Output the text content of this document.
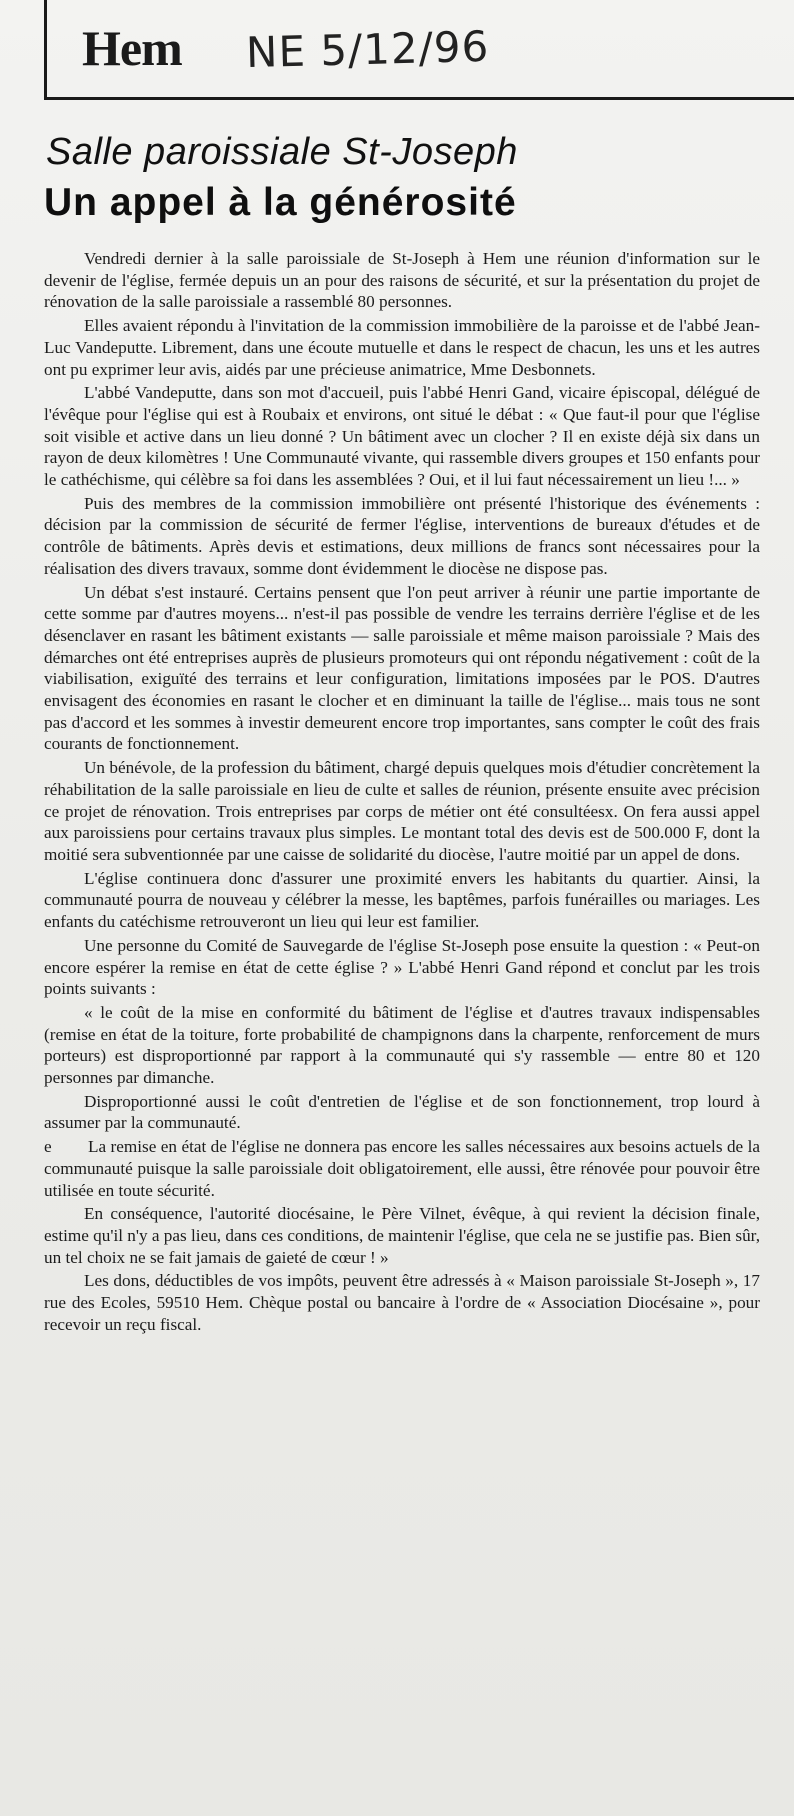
Hem NE 5/12/96
Salle paroissiale St-Joseph
Un appel à la générosité

Vendredi dernier à la salle paroissiale de St-Joseph à Hem une réunion d'information sur le devenir de l'église, fermée depuis un an pour des raisons de sécurité, et sur la présentation du projet de rénovation de la salle paroissiale a rassemblé 80 personnes.

Elles avaient répondu à l'invitation de la commission immobilière de la paroisse et de l'abbé Jean-Luc Vandeputte. Librement, dans une écoute mutuelle et dans le respect de chacun, les uns et les autres ont pu exprimer leur avis, aidés par une précieuse animatrice, Mme Desbonnets.

L'abbé Vandeputte, dans son mot d'accueil, puis l'abbé Henri Gand, vicaire épiscopal, délégué de l'évêque pour l'église qui est à Roubaix et environs, ont situé le débat : « Que faut-il pour que l'église soit visible et active dans un lieu donné ? Un bâtiment avec un clocher ? Il en existe déjà six dans un rayon de deux kilomètres ! Une Communauté vivante, qui rassemble divers groupes et 150 enfants pour le cathéchisme, qui célèbre sa foi dans les assemblées ? Oui, et il lui faut nécessairement un lieu !... »

Puis des membres de la commission immobilière ont présenté l'historique des événements : décision par la commission de sécurité de fermer l'église, interventions de bureaux d'études et de contrôle de bâtiments. Après devis et estimations, deux millions de francs sont nécessaires pour la réalisation des divers travaux, somme dont évidemment le diocèse ne dispose pas.

Un débat s'est instauré. Certains pensent que l'on peut arriver à réunir une partie importante de cette somme par d'autres moyens... n'est-il pas possible de vendre les terrains derrière l'église et de les désenclaver en rasant les bâtiment existants — salle paroissiale et même maison paroissiale ? Mais des démarches ont été entreprises auprès de plusieurs promoteurs qui ont répondu négativement : coût de la viabilisation, exiguïté des terrains et leur configuration, limitations imposées par le POS. D'autres envisagent des économies en rasant le clocher et en diminuant la taille de l'église... mais tous ne sont pas d'accord et les sommes à investir demeurent encore trop importantes, sans compter le coût des frais courants de fonctionnement.

Un bénévole, de la profession du bâtiment, chargé depuis quelques mois d'étudier concrètement la réhabilitation de la salle paroissiale en lieu de culte et salles de réunion, présente ensuite avec précision ce projet de rénovation. Trois entreprises par corps de métier ont été consultéesx. On fera aussi appel aux paroissiens pour certains travaux plus simples. Le montant total des devis est de 500.000 F, dont la moitié sera subventionnée par une caisse de solidarité du diocèse, l'autre moitié par un appel de dons.

L'église continuera donc d'assurer une proximité envers les habitants du quartier. Ainsi, la communauté pourra de nouveau y célébrer la messe, les baptêmes, parfois funérailles ou mariages. Les enfants du catéchisme retrouveront un lieu qui leur est familier.

Une personne du Comité de Sauvegarde de l'église St-Joseph pose ensuite la question : « Peut-on encore espérer la remise en état de cette église ? » L'abbé Henri Gand répond et conclut par les trois points suivants :

« le coût de la mise en conformité du bâtiment de l'église et d'autres travaux indispensables (remise en état de la toiture, forte probabilité de champignons dans la charpente, renforcement de murs porteurs) est disproportionné par rapport à la communauté qui s'y rassemble — entre 80 et 120 personnes par dimanche.

Disproportionné aussi le coût d'entretien de l'église et de son fonctionnement, trop lourd à assumer par la communauté.

e La remise en état de l'église ne donnera pas encore les salles nécessaires aux besoins actuels de la communauté puisque la salle paroissiale doit obligatoirement, elle aussi, être rénovée pour pouvoir être utilisée en toute sécurité.

En conséquence, l'autorité diocésaine, le Père Vilnet, évêque, à qui revient la décision finale, estime qu'il n'y a pas lieu, dans ces conditions, de maintenir l'église, que cela ne se justifie pas. Bien sûr, un tel choix ne se fait jamais de gaieté de cœur ! »

Les dons, déductibles de vos impôts, peuvent être adressés à « Maison paroissiale St-Joseph », 17 rue des Ecoles, 59510 Hem. Chèque postal ou bancaire à l'ordre de « Association Diocésaine », pour recevoir un reçu fiscal.
